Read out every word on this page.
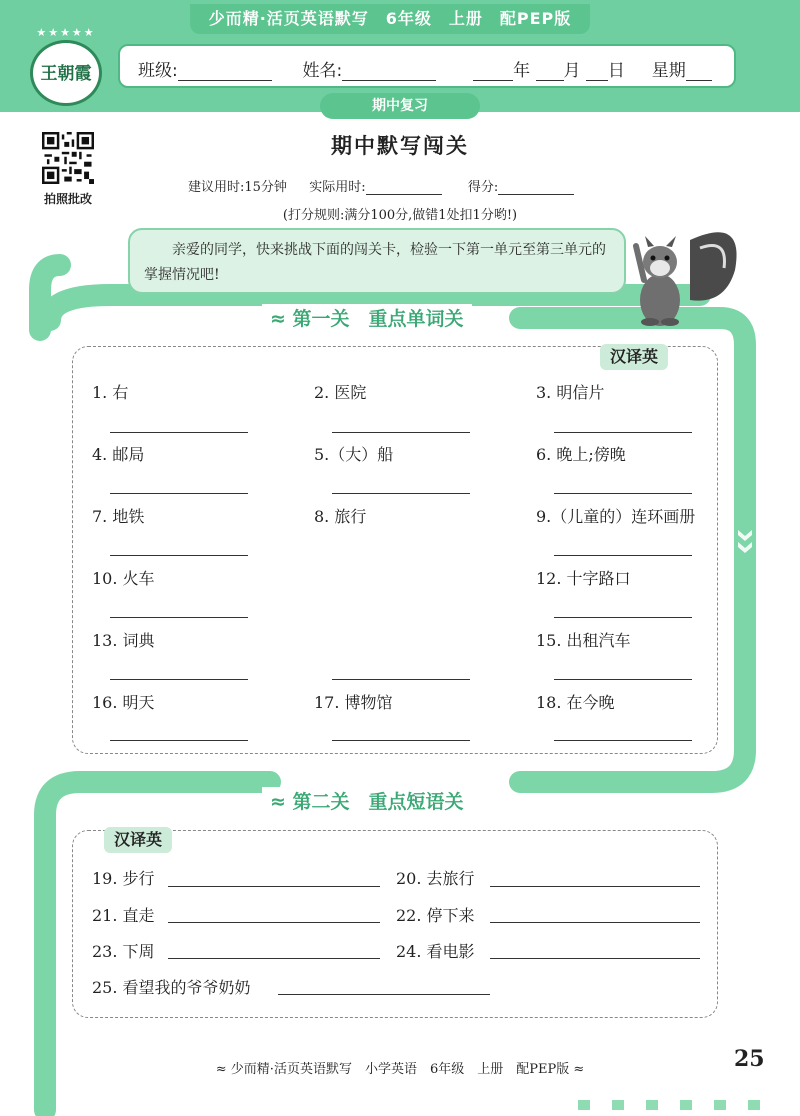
少而精·活页英语默写　6年级　上册　配PEP版
★★★★★
王朝霞	班级:	姓名:	年 月 日 星期
期中复习
拍照批改
期中默写闯关
建议用时:15分钟 实际用时:	得分:
(打分规则:满分100分,做错1处扣1分哟!)
亲爱的同学，快来挑战下面的闯关卡，检验一下第一单元至第三单元的掌握情况吧!
≈ 第一关　重点单词关
汉译英
1. 右	2. 医院	3. 明信片
4. 邮局	5.（大）船	6. 晚上;傍晚
7. 地铁	8. 旅行	9.（儿童的）连环画册
10. 火车	12. 十字路口
13. 词典	15. 出租汽车
16. 明天	17. 博物馆	18. 在今晚
≈ 第二关　重点短语关
汉译英
19. 步行	20. 去旅行
21. 直走	22. 停下来
23. 下周	24. 看电影
25. 看望我的爷爷奶奶
≈ 少而精·活页英语默写　小学英语　6年级　上册　配PEP版 ≈	25
